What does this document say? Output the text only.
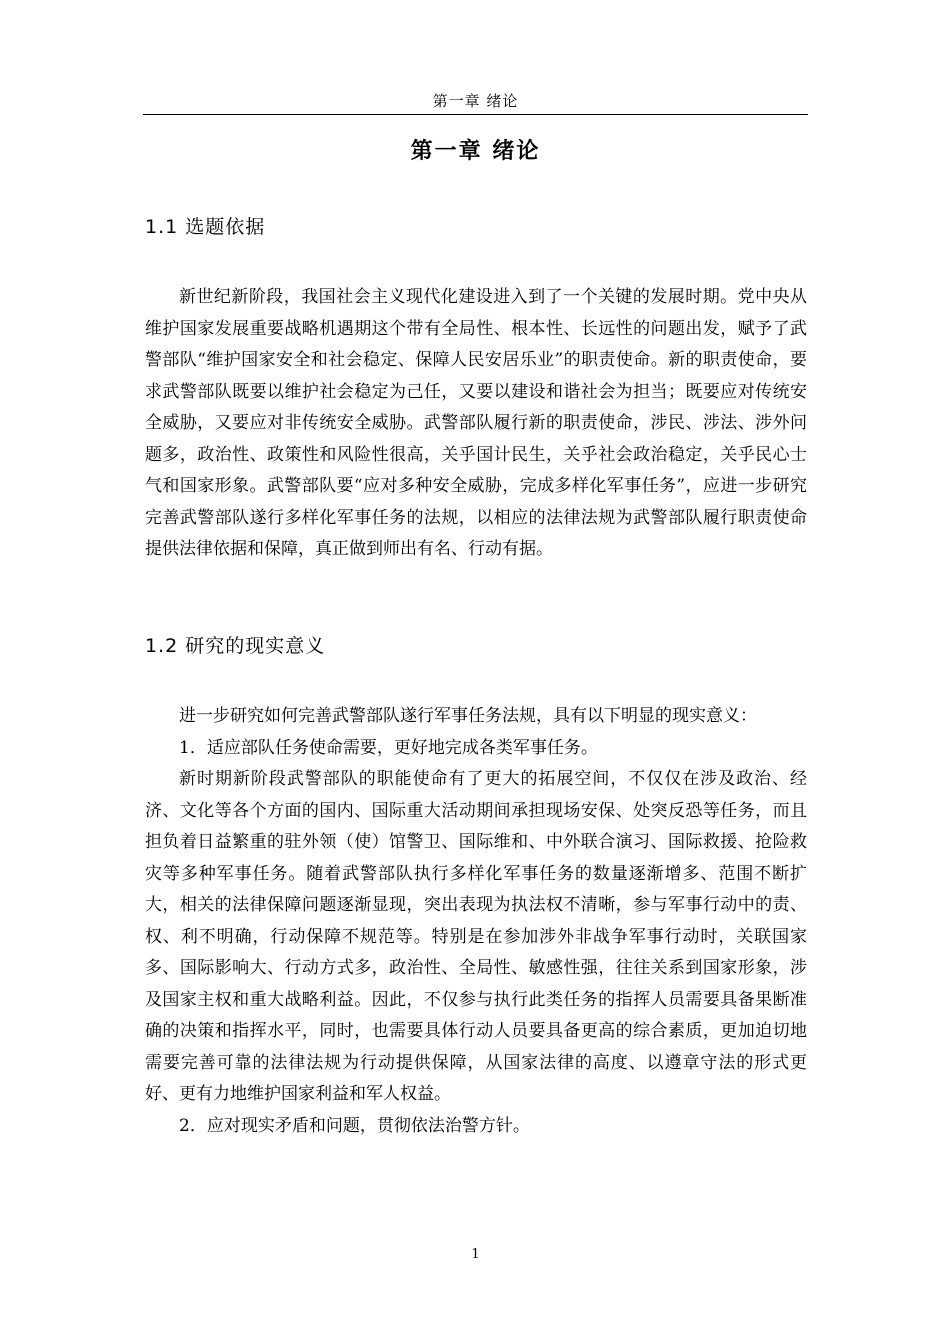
第一章 绪论
第一章 绪论
1.1 选题依据

新世纪新阶段，我国社会主义现代化建设进入到了一个关键的发展时期。党中央从维护国家发展重要战略机遇期这个带有全局性、根本性、长远性的问题出发，赋予了武警部队“维护国家安全和社会稳定、保障人民安居乐业”的职责使命。新的职责使命，要求武警部队既要以维护社会稳定为己任，又要以建设和谐社会为担当；既要应对传统安全威胁，又要应对非传统安全威胁。武警部队履行新的职责使命，涉民、涉法、涉外问题多，政治性、政策性和风险性很高，关乎国计民生，关乎社会政治稳定，关乎民心士气和国家形象。武警部队要“应对多种安全威胁，完成多样化军事任务”，应进一步研究完善武警部队遂行多样化军事任务的法规，以相应的法律法规为武警部队履行职责使命提供法律依据和保障，真正做到师出有名、行动有据。

1.2 研究的现实意义

进一步研究如何完善武警部队遂行军事任务法规，具有以下明显的现实意义：

1．适应部队任务使命需要，更好地完成各类军事任务。

新时期新阶段武警部队的职能使命有了更大的拓展空间，不仅仅在涉及政治、经济、文化等各个方面的国内、国际重大活动期间承担现场安保、处突反恐等任务，而且担负着日益繁重的驻外领（使）馆警卫、国际维和、中外联合演习、国际救援、抢险救灾等多种军事任务。随着武警部队执行多样化军事任务的数量逐渐增多、范围不断扩大，相关的法律保障问题逐渐显现，突出表现为执法权不清晰，参与军事行动中的责、权、利不明确，行动保障不规范等。特别是在参加涉外非战争军事行动时，关联国家多、国际影响大、行动方式多，政治性、全局性、敏感性强，往往关系到国家形象，涉及国家主权和重大战略利益。因此，不仅参与执行此类任务的指挥人员需要具备果断准确的决策和指挥水平，同时，也需要具体行动人员要具备更高的综合素质，更加迫切地需要完善可靠的法律法规为行动提供保障，从国家法律的高度、以遵章守法的形式更好、更有力地维护国家利益和军人权益。

2．应对现实矛盾和问题，贯彻依法治警方针。

1
